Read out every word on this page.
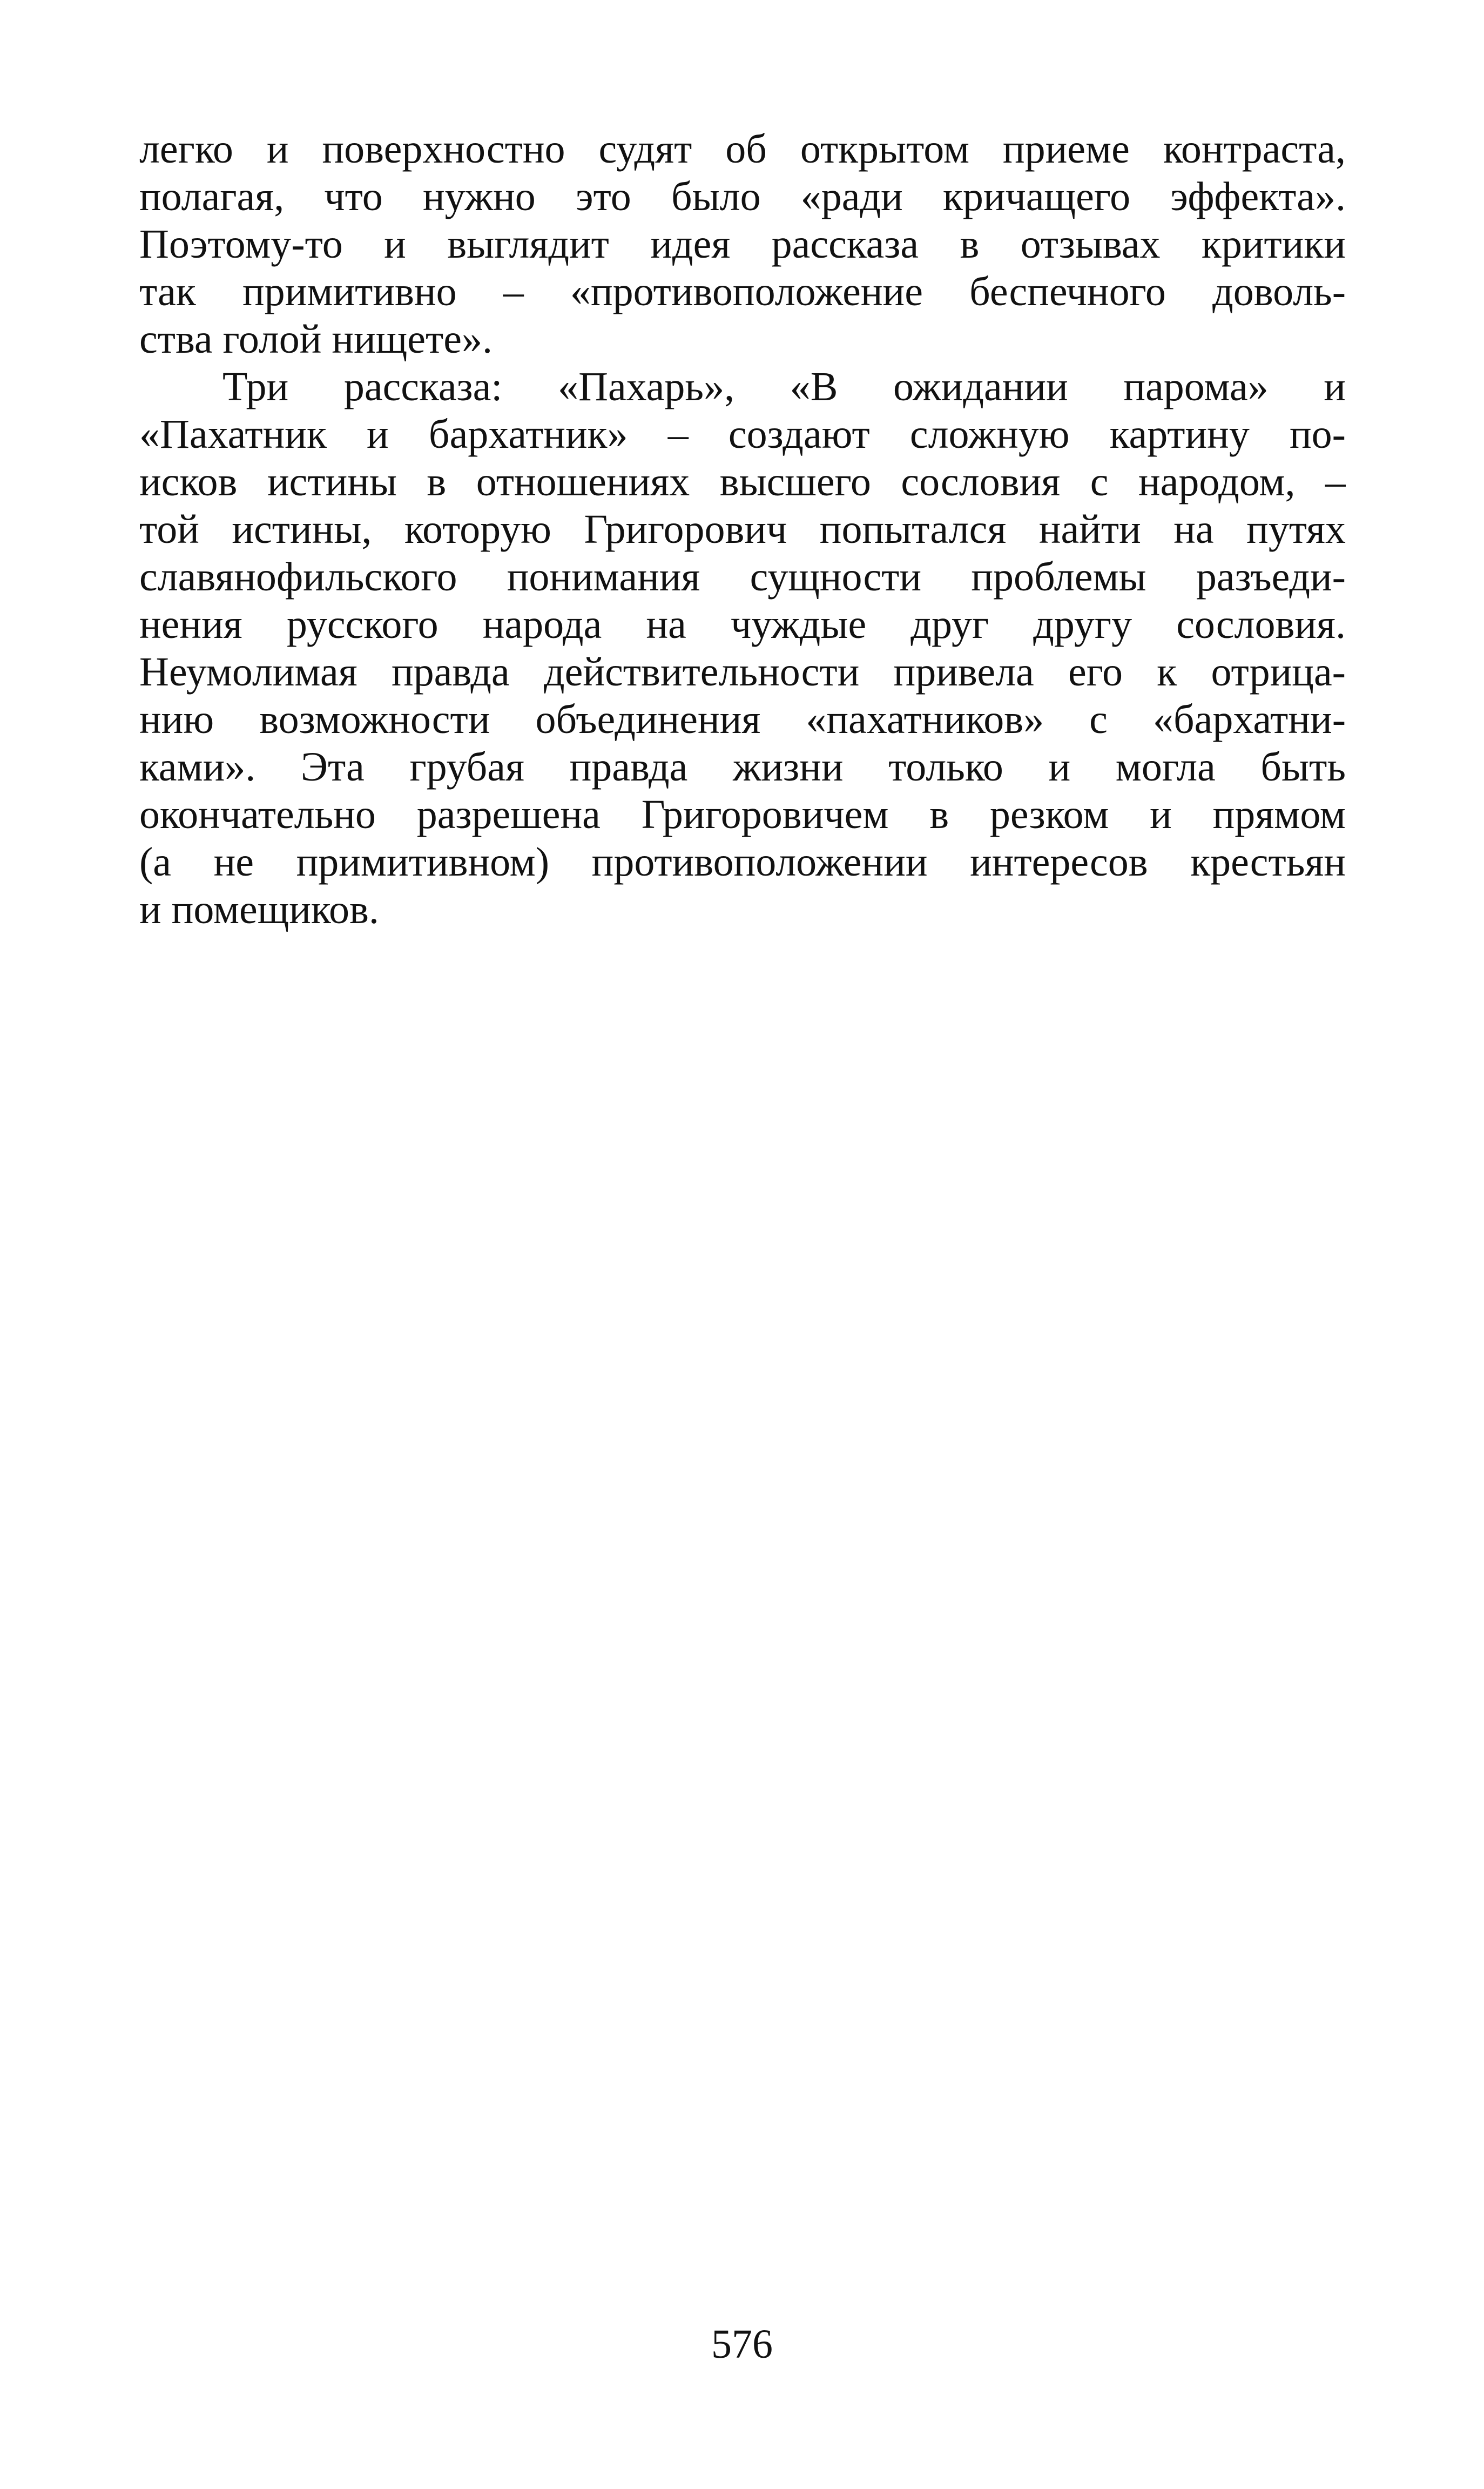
легко и поверхностно судят об открытом приеме контраста,
полагая, что нужно это было «ради кричащего эффекта».
Поэтому-то и выглядит идея рассказа в отзывах критики
так примитивно – «противоположение беспечного доволь-
ства голой нищете».
Три рассказа: «Пахарь», «В ожидании парома» и
«Пахатник и бархатник» – создают сложную картину по-
исков истины в отношениях высшего сословия с народом, –
той истины, которую Григорович попытался найти на путях
славянофильского понимания сущности проблемы разъеди-
нения русского народа на чуждые друг другу сословия.
Неумолимая правда действительности привела его к отрица-
нию возможности объединения «пахатников» с «бархатни-
ками». Эта грубая правда жизни только и могла быть
окончательно разрешена Григоровичем в резком и прямом
(а не примитивном) противоположении интересов крестьян
и помещиков.
576
